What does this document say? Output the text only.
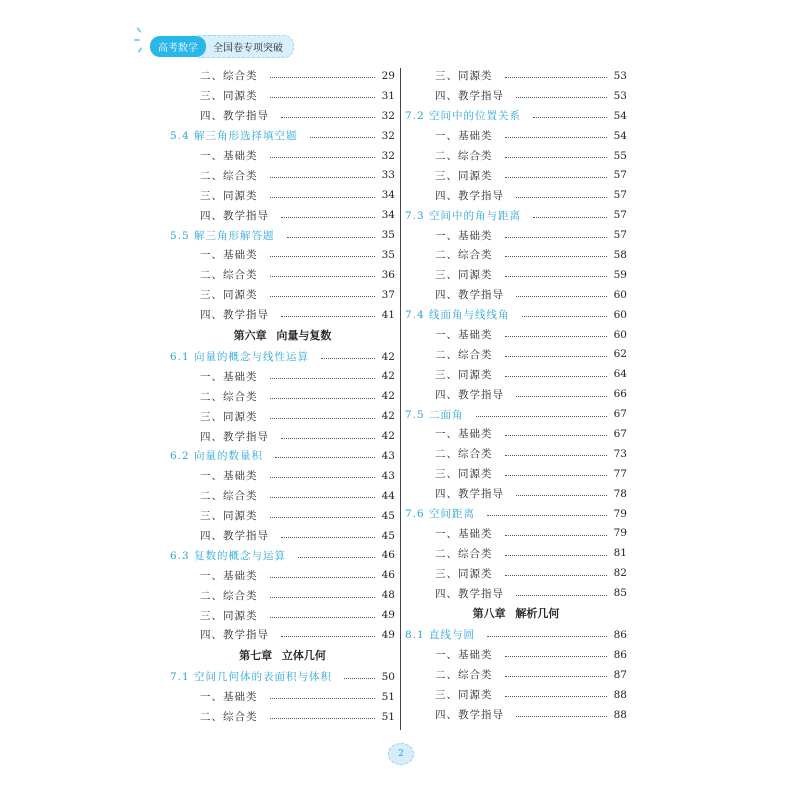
高考数学	全国卷专项突破
二、综合类	29
三、同源类	31
四、教学指导	32
5.4 解三角形选择填空题	32
一、基础类	32
二、综合类	33
三、同源类	34
四、教学指导	34
5.5 解三角形解答题	35
一、基础类	35
二、综合类	36
三、同源类	37
四、教学指导	41
第六章 向量与复数
6.1 向量的概念与线性运算	42
一、基础类	42
二、综合类	42
三、同源类	42
四、教学指导	42
6.2 向量的数量积	43
一、基础类	43
二、综合类	44
三、同源类	45
四、教学指导	45
6.3 复数的概念与运算	46
一、基础类	46
二、综合类	48
三、同源类	49
四、教学指导	49
第七章 立体几何
7.1 空间几何体的表面积与体积	50
一、基础类	51
二、综合类	51
三、同源类	53
四、教学指导	53
7.2 空间中的位置关系	54
一、基础类	54
二、综合类	55
三、同源类	57
四、教学指导	57
7.3 空间中的角与距离	57
一、基础类	57
二、综合类	58
三、同源类	59
四、教学指导	60
7.4 线面角与线线角	60
一、基础类	60
二、综合类	62
三、同源类	64
四、教学指导	66
7.5 二面角	67
一、基础类	67
二、综合类	73
三、同源类	77
四、教学指导	78
7.6 空间距离	79
一、基础类	79
二、综合类	81
三、同源类	82
四、教学指导	85
第八章 解析几何
8.1 直线与圆	86
一、基础类	86
二、综合类	87
三、同源类	88
四、教学指导	88
2
